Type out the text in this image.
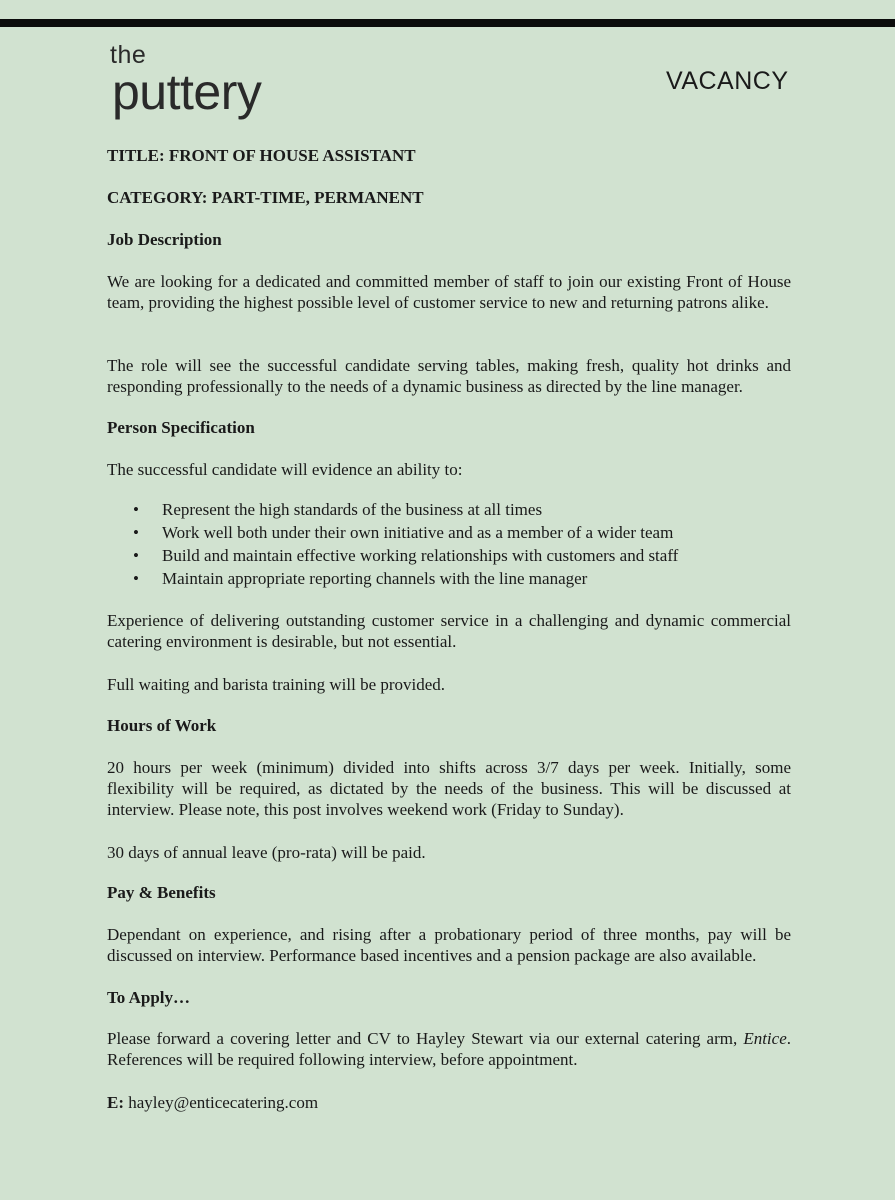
the
puttery	VACANCY

TITLE: FRONT OF HOUSE ASSISTANT

CATEGORY: PART-TIME, PERMANENT

Job Description

We are looking for a dedicated and committed member of staff to join our existing Front of House team, providing the highest possible level of customer service to new and returning patrons alike.

The role will see the successful candidate serving tables, making fresh, quality hot drinks and responding professionally to the needs of a dynamic business as directed by the line manager.

Person Specification

The successful candidate will evidence an ability to:

• Represent the high standards of the business at all times
• Work well both under their own initiative and as a member of a wider team
• Build and maintain effective working relationships with customers and staff
• Maintain appropriate reporting channels with the line manager

Experience of delivering outstanding customer service in a challenging and dynamic commercial catering environment is desirable, but not essential.

Full waiting and barista training will be provided.

Hours of Work

20 hours per week (minimum) divided into shifts across 3/7 days per week. Initially, some flexibility will be required, as dictated by the needs of the business. This will be discussed at interview. Please note, this post involves weekend work (Friday to Sunday).

30 days of annual leave (pro-rata) will be paid.

Pay & Benefits

Dependant on experience, and rising after a probationary period of three months, pay will be discussed on interview. Performance based incentives and a pension package are also available.

To Apply…

Please forward a covering letter and CV to Hayley Stewart via our external catering arm, Entice. References will be required following interview, before appointment.

E: hayley@enticecatering.com
